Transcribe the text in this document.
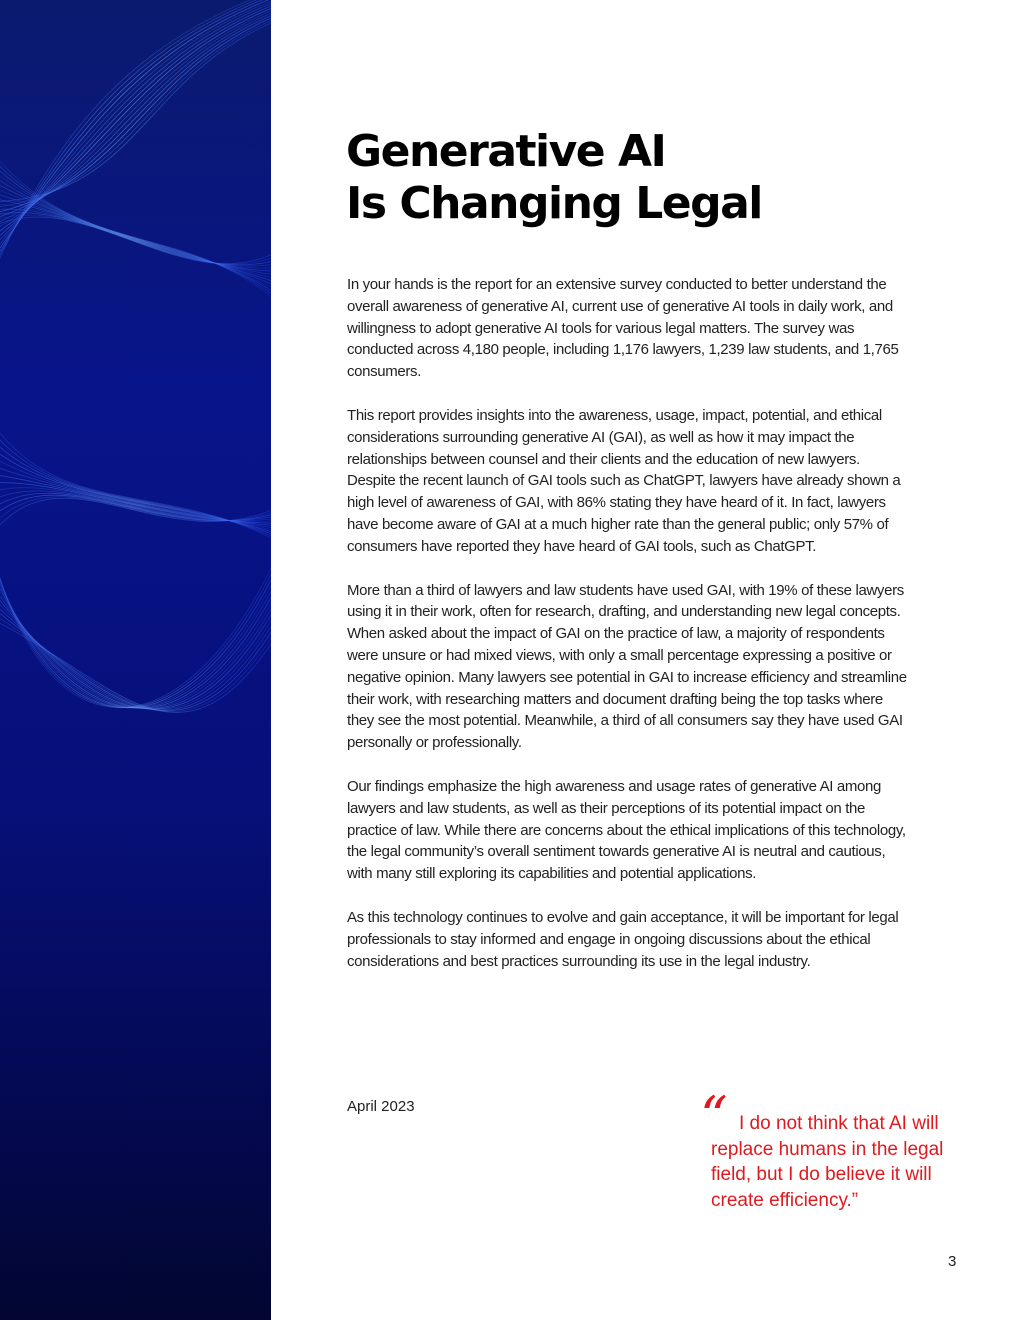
Generative AI
Is Changing Legal

In your hands is the report for an extensive survey conducted to better understand the overall awareness of generative AI, current use of generative AI tools in daily work, and willingness to adopt generative AI tools for various legal matters. The survey was conducted across 4,180 people, including 1,176 lawyers, 1,239 law students, and 1,765 consumers.

This report provides insights into the awareness, usage, impact, potential, and ethical considerations surrounding generative AI (GAI), as well as how it may impact the relationships between counsel and their clients and the education of new lawyers. Despite the recent launch of GAI tools such as ChatGPT, lawyers have already shown a high level of awareness of GAI, with 86% stating they have heard of it. In fact, lawyers have become aware of GAI at a much higher rate than the general public; only 57% of consumers have reported they have heard of GAI tools, such as ChatGPT.

More than a third of lawyers and law students have used GAI, with 19% of these lawyers using it in their work, often for research, drafting, and understanding new legal concepts. When asked about the impact of GAI on the practice of law, a majority of respondents were unsure or had mixed views, with only a small percentage expressing a positive or negative opinion. Many lawyers see potential in GAI to increase efficiency and streamline their work, with researching matters and document drafting being the top tasks where they see the most potential. Meanwhile, a third of all consumers say they have used GAI personally or professionally.

Our findings emphasize the high awareness and usage rates of generative AI among lawyers and law students, as well as their perceptions of its potential impact on the practice of law. While there are concerns about the ethical implications of this technology, the legal community’s overall sentiment towards generative AI is neutral and cautious, with many still exploring its capabilities and potential applications.

As this technology continues to evolve and gain acceptance, it will be important for legal professionals to stay informed and engage in ongoing discussions about the ethical considerations and best practices surrounding its use in the legal industry.

April 2023	“ I do not think that AI will replace humans in the legal field, but I do believe it will create efficiency.”
3
